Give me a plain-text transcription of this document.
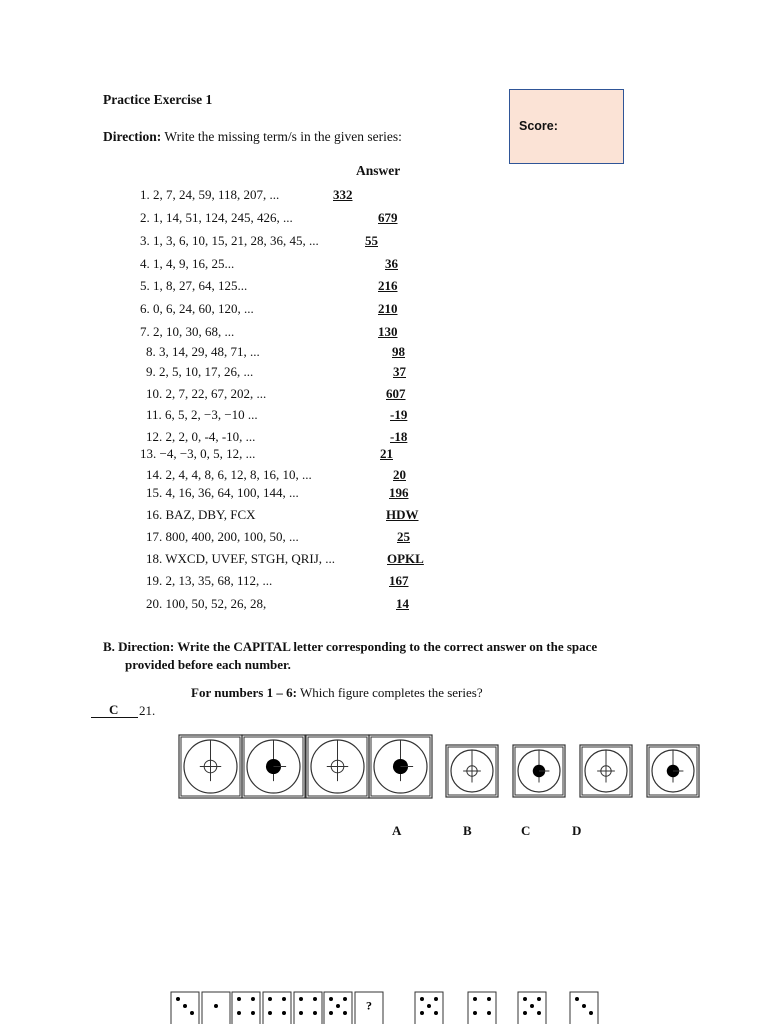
Practice Exercise 1
Direction: Write the missing term/s in the given series:
Score:
Answer
1. 2, 7, 24, 59, 118, 207, ...	332
2. 1, 14, 51, 124, 245, 426, ...	679
3. 1, 3, 6, 10, 15, 21, 28, 36, 45, ...	55
4. 1, 4, 9, 16, 25...	36
5. 1, 8, 27, 64, 125...	216
6. 0, 6, 24, 60, 120, ...	210
7. 2, 10, 30, 68, ...	130
8. 3, 14, 29, 48, 71, ...	98
9. 2, 5, 10, 17, 26, ...	37
10. 2, 7, 22, 67, 202, ...	607
11. 6, 5, 2, −3, −10 ...	-19
12. 2, 2, 0, -4, -10, ...	-18
13. −4, −3, 0, 5, 12, ...	21
14. 2, 4, 4, 8, 6, 12, 8, 16, 10, ...	20
15. 4, 16, 36, 64, 100, 144, ...	196
16. BAZ, DBY, FCX	HDW
17. 800, 400, 200, 100, 50, ...	25
18. WXCD, UVEF, STGH, QRIJ, ...	OPKL
19. 2, 13, 35, 68, 112, ...	167
20. 100, 50, 52, 26, 28,	14
B. Direction: Write the CAPITAL letter corresponding to the correct answer on the space
provided before each number.
For numbers 1 – 6: Which figure completes the series?
C 21.
A	B	C	D
?
